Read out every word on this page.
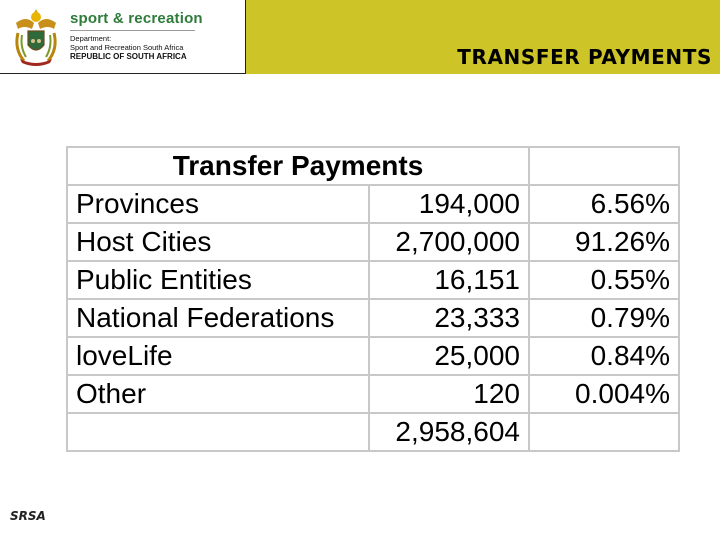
sport & recreation
Department:
Sport and Recreation South Africa
REPUBLIC OF SOUTH AFRICA	TRANSFER PAYMENTS
Transfer Payments		
Provinces	194,000	6.56%
Host Cities	2,700,000	91.26%
Public Entities	16,151	0.55%
National Federations	23,333	0.79%
loveLife	25,000	0.84%
Other	120	0.004%
	2,958,604	
SRSA
